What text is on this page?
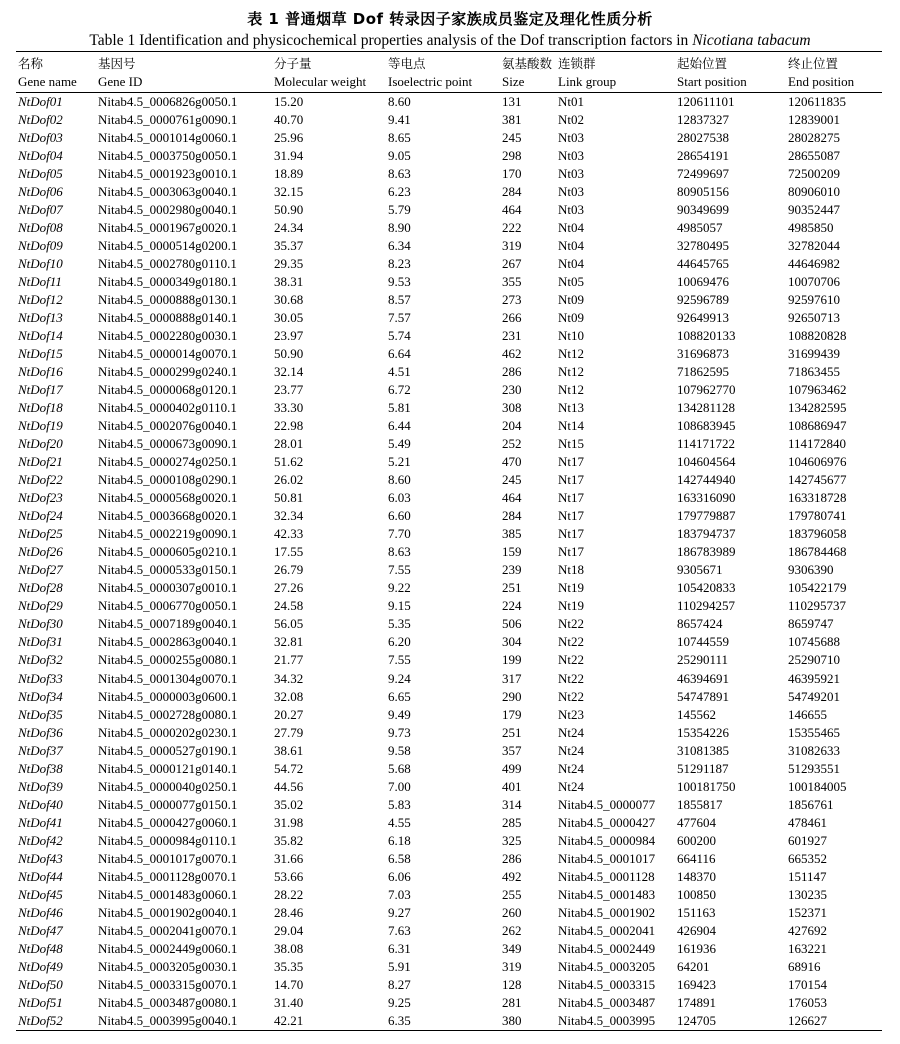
表 1 普通烟草 Dof 转录因子家族成员鉴定及理化性质分析
Table 1 Identification and physicochemical properties analysis of the Dof transcription factors in Nicotiana tabacum
名称	基因号	分子量	等电点	氨基酸数	连锁群	起始位置	终止位置
Gene name	Gene ID	Molecular weight	Isoelectric point	Size	Link group	Start position	End position
NtDof01	Nitab4.5_0006826g0050.1	15.20	8.60	131	Nt01	120611101	120611835
NtDof02	Nitab4.5_0000761g0090.1	40.70	9.41	381	Nt02	12837327	12839001
NtDof03	Nitab4.5_0001014g0060.1	25.96	8.65	245	Nt03	28027538	28028275
NtDof04	Nitab4.5_0003750g0050.1	31.94	9.05	298	Nt03	28654191	28655087
NtDof05	Nitab4.5_0001923g0010.1	18.89	8.63	170	Nt03	72499697	72500209
NtDof06	Nitab4.5_0003063g0040.1	32.15	6.23	284	Nt03	80905156	80906010
NtDof07	Nitab4.5_0002980g0040.1	50.90	5.79	464	Nt03	90349699	90352447
NtDof08	Nitab4.5_0001967g0020.1	24.34	8.90	222	Nt04	4985057	4985850
NtDof09	Nitab4.5_0000514g0200.1	35.37	6.34	319	Nt04	32780495	32782044
NtDof10	Nitab4.5_0002780g0110.1	29.35	8.23	267	Nt04	44645765	44646982
NtDof11	Nitab4.5_0000349g0180.1	38.31	9.53	355	Nt05	10069476	10070706
NtDof12	Nitab4.5_0000888g0130.1	30.68	8.57	273	Nt09	92596789	92597610
NtDof13	Nitab4.5_0000888g0140.1	30.05	7.57	266	Nt09	92649913	92650713
NtDof14	Nitab4.5_0002280g0030.1	23.97	5.74	231	Nt10	108820133	108820828
NtDof15	Nitab4.5_0000014g0070.1	50.90	6.64	462	Nt12	31696873	31699439
NtDof16	Nitab4.5_0000299g0240.1	32.14	4.51	286	Nt12	71862595	71863455
NtDof17	Nitab4.5_0000068g0120.1	23.77	6.72	230	Nt12	107962770	107963462
NtDof18	Nitab4.5_0000402g0110.1	33.30	5.81	308	Nt13	134281128	134282595
NtDof19	Nitab4.5_0002076g0040.1	22.98	6.44	204	Nt14	108683945	108686947
NtDof20	Nitab4.5_0000673g0090.1	28.01	5.49	252	Nt15	114171722	114172840
NtDof21	Nitab4.5_0000274g0250.1	51.62	5.21	470	Nt17	104604564	104606976
NtDof22	Nitab4.5_0000108g0290.1	26.02	8.60	245	Nt17	142744940	142745677
NtDof23	Nitab4.5_0000568g0020.1	50.81	6.03	464	Nt17	163316090	163318728
NtDof24	Nitab4.5_0003668g0020.1	32.34	6.60	284	Nt17	179779887	179780741
NtDof25	Nitab4.5_0002219g0090.1	42.33	7.70	385	Nt17	183794737	183796058
NtDof26	Nitab4.5_0000605g0210.1	17.55	8.63	159	Nt17	186783989	186784468
NtDof27	Nitab4.5_0000533g0150.1	26.79	7.55	239	Nt18	9305671	9306390
NtDof28	Nitab4.5_0000307g0010.1	27.26	9.22	251	Nt19	105420833	105422179
NtDof29	Nitab4.5_0006770g0050.1	24.58	9.15	224	Nt19	110294257	110295737
NtDof30	Nitab4.5_0007189g0040.1	56.05	5.35	506	Nt22	8657424	8659747
NtDof31	Nitab4.5_0002863g0040.1	32.81	6.20	304	Nt22	10744559	10745688
NtDof32	Nitab4.5_0000255g0080.1	21.77	7.55	199	Nt22	25290111	25290710
NtDof33	Nitab4.5_0001304g0070.1	34.32	9.24	317	Nt22	46394691	46395921
NtDof34	Nitab4.5_0000003g0600.1	32.08	6.65	290	Nt22	54747891	54749201
NtDof35	Nitab4.5_0002728g0080.1	20.27	9.49	179	Nt23	145562	146655
NtDof36	Nitab4.5_0000202g0230.1	27.79	9.73	251	Nt24	15354226	15355465
NtDof37	Nitab4.5_0000527g0190.1	38.61	9.58	357	Nt24	31081385	31082633
NtDof38	Nitab4.5_0000121g0140.1	54.72	5.68	499	Nt24	51291187	51293551
NtDof39	Nitab4.5_0000040g0250.1	44.56	7.00	401	Nt24	100181750	100184005
NtDof40	Nitab4.5_0000077g0150.1	35.02	5.83	314	Nitab4.5_0000077	1855817	1856761
NtDof41	Nitab4.5_0000427g0060.1	31.98	4.55	285	Nitab4.5_0000427	477604	478461
NtDof42	Nitab4.5_0000984g0110.1	35.82	6.18	325	Nitab4.5_0000984	600200	601927
NtDof43	Nitab4.5_0001017g0070.1	31.66	6.58	286	Nitab4.5_0001017	664116	665352
NtDof44	Nitab4.5_0001128g0070.1	53.66	6.06	492	Nitab4.5_0001128	148370	151147
NtDof45	Nitab4.5_0001483g0060.1	28.22	7.03	255	Nitab4.5_0001483	100850	130235
NtDof46	Nitab4.5_0001902g0040.1	28.46	9.27	260	Nitab4.5_0001902	151163	152371
NtDof47	Nitab4.5_0002041g0070.1	29.04	7.63	262	Nitab4.5_0002041	426904	427692
NtDof48	Nitab4.5_0002449g0060.1	38.08	6.31	349	Nitab4.5_0002449	161936	163221
NtDof49	Nitab4.5_0003205g0030.1	35.35	5.91	319	Nitab4.5_0003205	64201	68916
NtDof50	Nitab4.5_0003315g0070.1	14.70	8.27	128	Nitab4.5_0003315	169423	170154
NtDof51	Nitab4.5_0003487g0080.1	31.40	9.25	281	Nitab4.5_0003487	174891	176053
NtDof52	Nitab4.5_0003995g0040.1	42.21	6.35	380	Nitab4.5_0003995	124705	126627
